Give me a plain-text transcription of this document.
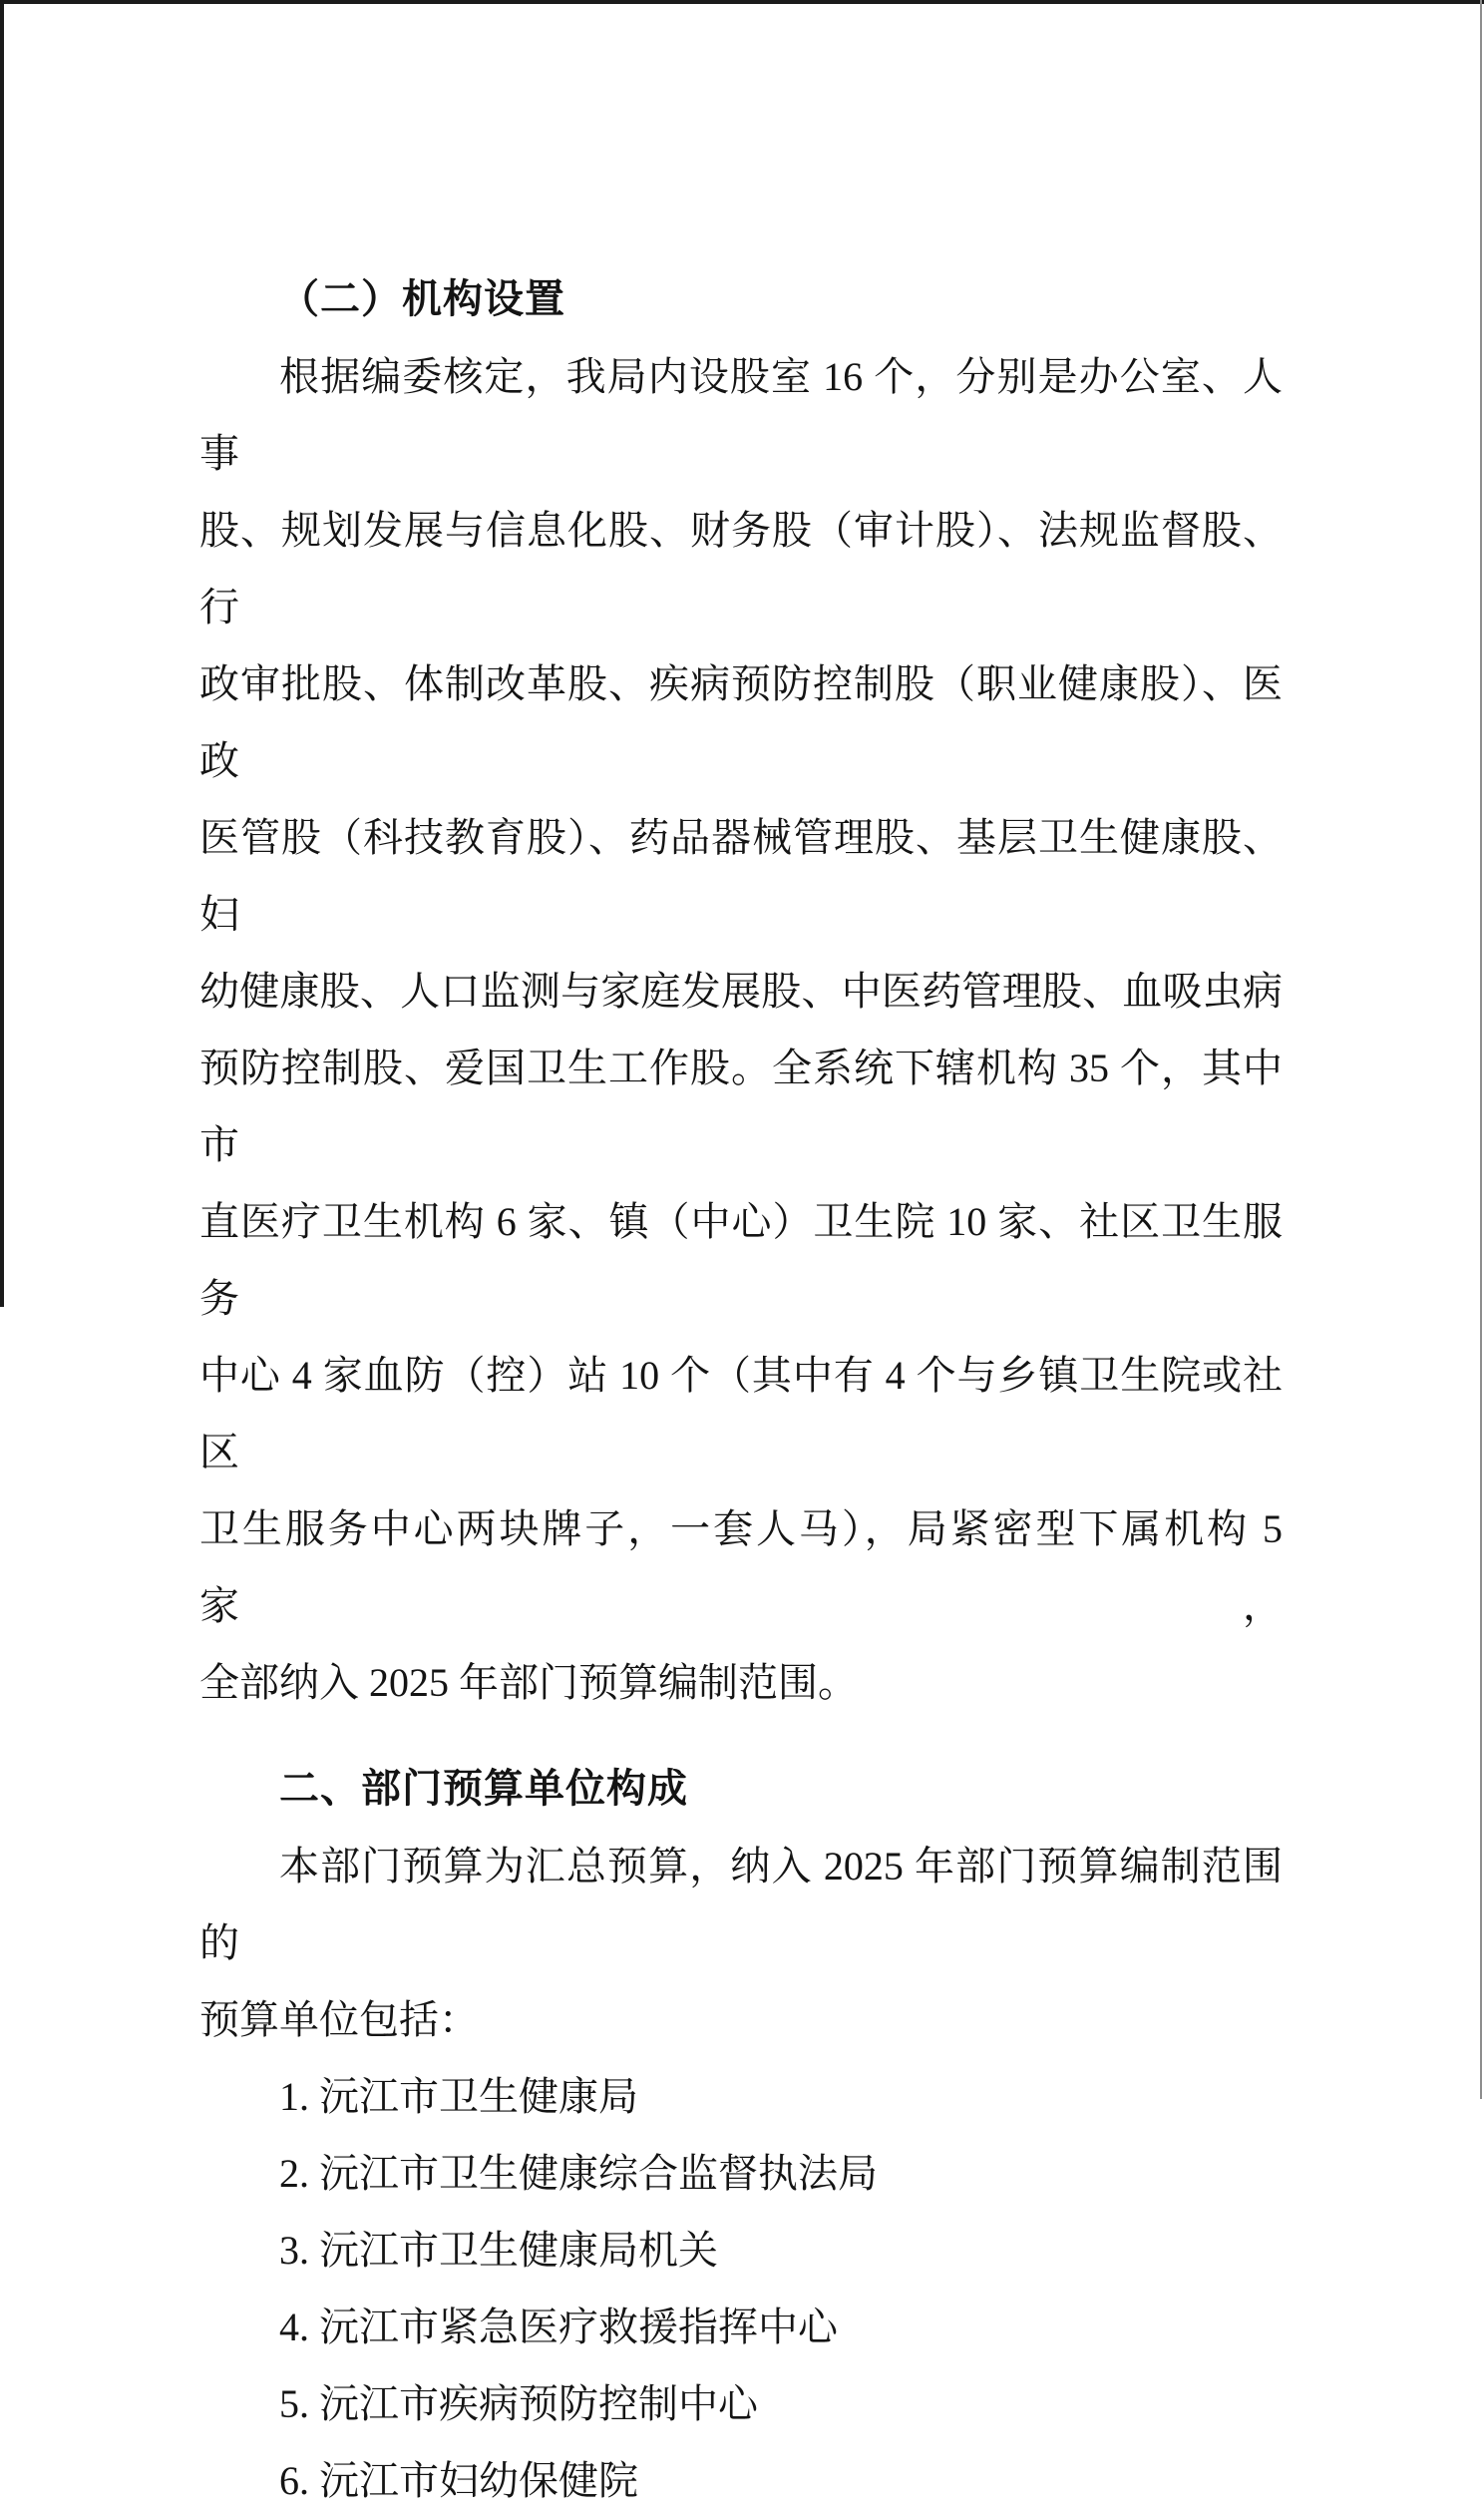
（二）机构设置
根据编委核定，我局内设股室 16 个，分别是办公室、人事
股、规划发展与信息化股、财务股（审计股）、法规监督股、行
政审批股、体制改革股、疾病预防控制股（职业健康股）、医政
医管股（科技教育股）、药品器械管理股、基层卫生健康股、妇
幼健康股、人口监测与家庭发展股、中医药管理股、血吸虫病
预防控制股、爱国卫生工作股。全系统下辖机构 35 个，其中市
直医疗卫生机构 6 家、镇（中心）卫生院 10 家、社区卫生服务
中心 4 家血防（控）站 10 个（其中有 4 个与乡镇卫生院或社区
卫生服务中心两块牌子，一套人马），局紧密型下属机构 5 家，
全部纳入 2025 年部门预算编制范围。
二、部门预算单位构成
本部门预算为汇总预算，纳入 2025 年部门预算编制范围的
预算单位包括：
1. 沅江市卫生健康局
2. 沅江市卫生健康综合监督执法局
3. 沅江市卫生健康局机关
4. 沅江市紧急医疗救援指挥中心
5. 沅江市疾病预防控制中心
6. 沅江市妇幼保健院
